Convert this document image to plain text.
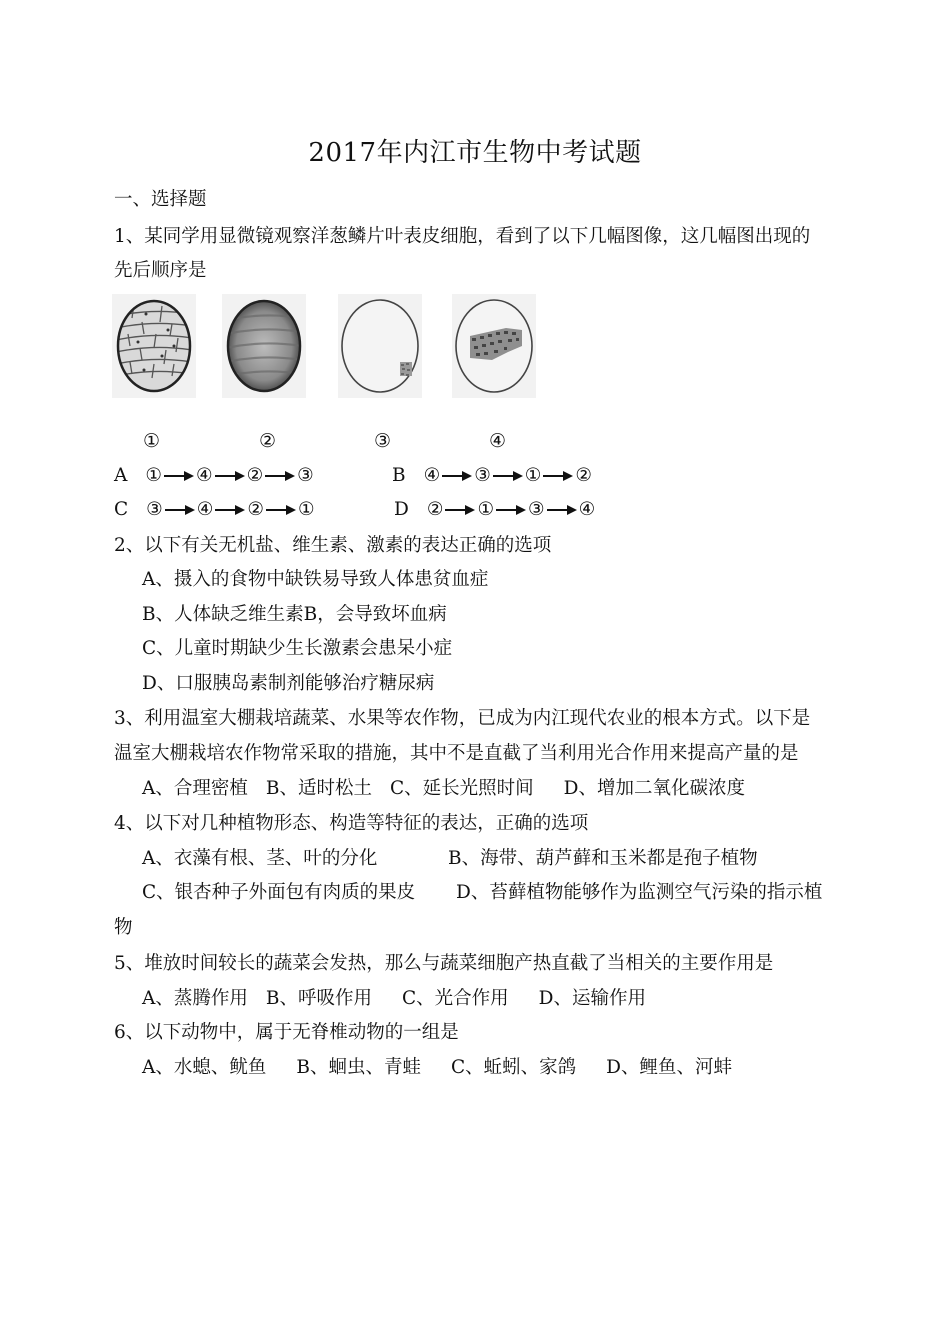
2017年内江市生物中考试题
一、选择题
1、某同学用显微镜观察洋葱鳞片叶表皮细胞，看到了以下几幅图像，这几幅图出现的
先后顺序是
①	②	③	④
A ① ④ ② ③	B ④ ③ ① ②
C ③ ④ ② ①	D ② ① ③ ④
2、以下有关无机盐、维生素、激素的表达正确的选项
A、摄入的食物中缺铁易导致人体患贫血症
B、人体缺乏维生素B，会导致坏血病
C、儿童时期缺少生长激素会患呆小症
D、口服胰岛素制剂能够治疗糖尿病
3、利用温室大棚栽培蔬菜、水果等农作物，已成为内江现代农业的根本方式。以下是
温室大棚栽培农作物常采取的措施，其中不是直截了当利用光合作用来提高产量的是
A、合理密植 B、适时松土 C、延长光照时间 D、增加二氧化碳浓度
4、以下对几种植物形态、构造等特征的表达，正确的选项
A、衣藻有根、茎、叶的分化	B、海带、葫芦藓和玉米都是孢子植物
C、银杏种子外面包有肉质的果皮 D、苔藓植物能够作为监测空气污染的指示植
物
5、堆放时间较长的蔬菜会发热，那么与蔬菜细胞产热直截了当相关的主要作用是
A、蒸腾作用 B、呼吸作用 C、光合作用 D、运输作用
6、以下动物中，属于无脊椎动物的一组是
A、水螅、鱿鱼 B、蛔虫、青蛙 C、蚯蚓、家鸽 D、鲤鱼、河蚌
